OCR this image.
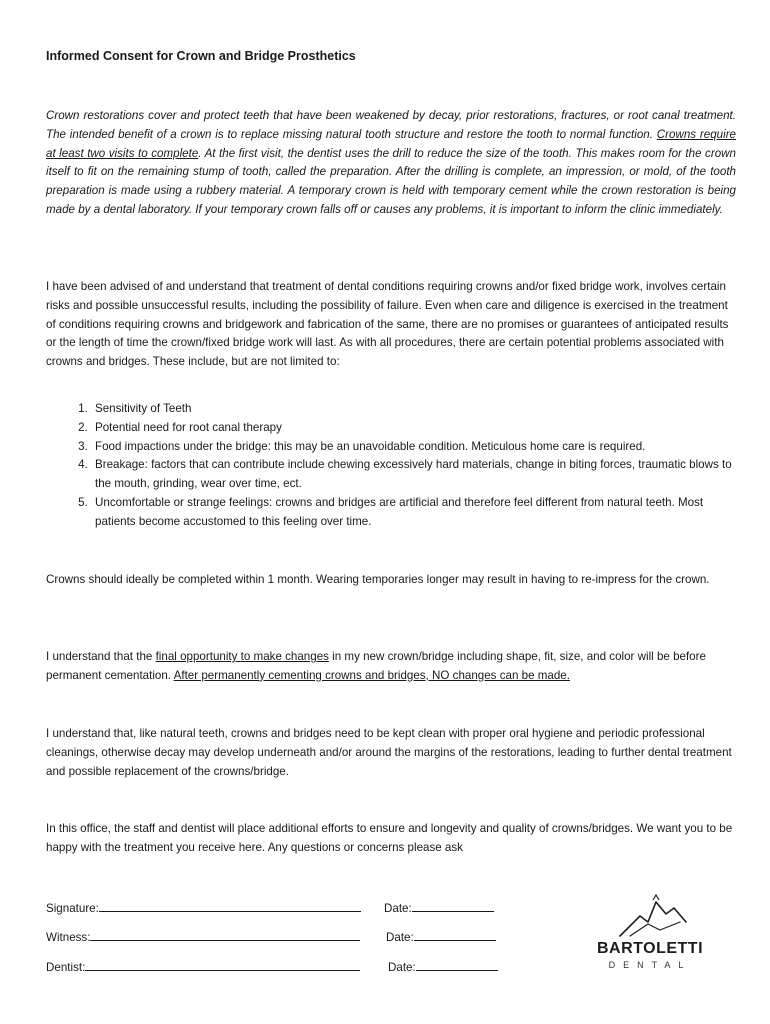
Informed Consent for Crown and Bridge Prosthetics
Crown restorations cover and protect teeth that have been weakened by decay, prior restorations, fractures, or root canal treatment. The intended benefit of a crown is to replace missing natural tooth structure and restore the tooth to normal function. Crowns require at least two visits to complete. At the first visit, the dentist uses the drill to reduce the size of the tooth. This makes room for the crown itself to fit on the remaining stump of tooth, called the preparation. After the drilling is complete, an impression, or mold, of the tooth preparation is made using a rubbery material. A temporary crown is held with temporary cement while the crown restoration is being made by a dental laboratory. If your temporary crown falls off or causes any problems, it is important to inform the clinic immediately.
I have been advised of and understand that treatment of dental conditions requiring crowns and/or fixed bridge work, involves certain risks and possible unsuccessful results, including the possibility of failure. Even when care and diligence is exercised in the treatment of conditions requiring crowns and bridgework and fabrication of the same, there are no promises or guarantees of anticipated results or the length of time the crown/fixed bridge work will last. As with all procedures, there are certain potential problems associated with crowns and bridges. These include, but are not limited to:
1. Sensitivity of Teeth
2. Potential need for root canal therapy
3. Food impactions under the bridge: this may be an unavoidable condition. Meticulous home care is required.
4. Breakage: factors that can contribute include chewing excessively hard materials, change in biting forces, traumatic blows to the mouth, grinding, wear over time, ect.
5. Uncomfortable or strange feelings: crowns and bridges are artificial and therefore feel different from natural teeth. Most patients become accustomed to this feeling over time.
Crowns should ideally be completed within 1 month. Wearing temporaries longer may result in having to re-impress for the crown.
I understand that the final opportunity to make changes in my new crown/bridge including shape, fit, size, and color will be before permanent cementation. After permanently cementing crowns and bridges, NO changes can be made.
I understand that, like natural teeth, crowns and bridges need to be kept clean with proper oral hygiene and periodic professional cleanings, otherwise decay may develop underneath and/or around the margins of the restorations, leading to further dental treatment and possible replacement of the crowns/bridge.
In this office, the staff and dentist will place additional efforts to ensure and longevity and quality of crowns/bridges. We want you to be happy with the treatment you receive here. Any questions or concerns please ask
Signature:	Date:
Witness:	Date:
Dentist:	Date:
BARTOLETTI
DENTAL
